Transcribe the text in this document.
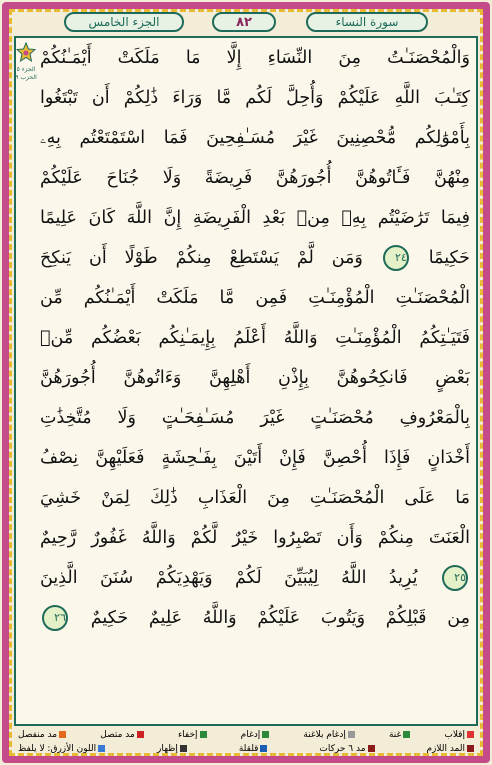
الجزء الخامس	٨٢	سورة النساء
الجزء ٥ الحزب ٩
وَالْمُحْصَنَـٰتُ مِنَ النِّسَاءِ إِلَّا مَا مَلَكَتْ أَيْمَـٰنُكُمْ
كِتَـٰبَ اللَّهِ عَلَيْكُمْ وَأُحِلَّ لَكُم مَّا وَرَاءَ ذَٰلِكُمْ أَن تَبْتَغُوا
بِأَمْوَٰلِكُم مُّحْصِنِينَ غَيْرَ مُسَـٰفِحِينَ فَمَا اسْتَمْتَعْتُم بِهِۦ
مِنْهُنَّ فَـَٔاتُوهُنَّ أُجُورَهُنَّ فَرِيضَةً وَلَا جُنَاحَ عَلَيْكُمْ
فِيمَا تَرَٰضَيْتُم بِهِۦ مِنۢ بَعْدِ الْفَرِيضَةِ إِنَّ اللَّهَ كَانَ عَلِيمًا
حَكِيمًا ٢٤ وَمَن لَّمْ يَسْتَطِعْ مِنكُمْ طَوْلًا أَن يَنكِحَ
الْمُحْصَنَـٰتِ الْمُؤْمِنَـٰتِ فَمِن مَّا مَلَكَتْ أَيْمَـٰنُكُم مِّن
فَتَيَـٰتِكُمُ الْمُؤْمِنَـٰتِ وَاللَّهُ أَعْلَمُ بِإِيمَـٰنِكُم بَعْضُكُم مِّنۢ
بَعْضٍ فَانكِحُوهُنَّ بِإِذْنِ أَهْلِهِنَّ وَءَاتُوهُنَّ أُجُورَهُنَّ
بِالْمَعْرُوفِ مُحْصَنَـٰتٍ غَيْرَ مُسَـٰفِحَـٰتٍ وَلَا مُتَّخِذَٰتِ
أَخْدَانٍ فَإِذَا أُحْصِنَّ فَإِنْ أَتَيْنَ بِفَـٰحِشَةٍ فَعَلَيْهِنَّ نِصْفُ
مَا عَلَى الْمُحْصَنَـٰتِ مِنَ الْعَذَابِ ذَٰلِكَ لِمَنْ خَشِيَ
الْعَنَتَ مِنكُمْ وَأَن تَصْبِرُوا خَيْرٌ لَّكُمْ وَاللَّهُ غَفُورٌ رَّحِيمٌ
٢٥ يُرِيدُ اللَّهُ لِيُبَيِّنَ لَكُمْ وَيَهْدِيَكُمْ سُنَنَ الَّذِينَ
مِن قَبْلِكُمْ وَيَتُوبَ عَلَيْكُمْ وَاللَّهُ عَلِيمٌ حَكِيمٌ ٢٦
إقلاب
غنة
إدغام بلاغنة
إدغام
إخفاء
مد متصل
مد منفصل
المد اللازم
مد ٦ حركات
قلقلة
إظهار
اللون الأزرق: لا يلفظ
